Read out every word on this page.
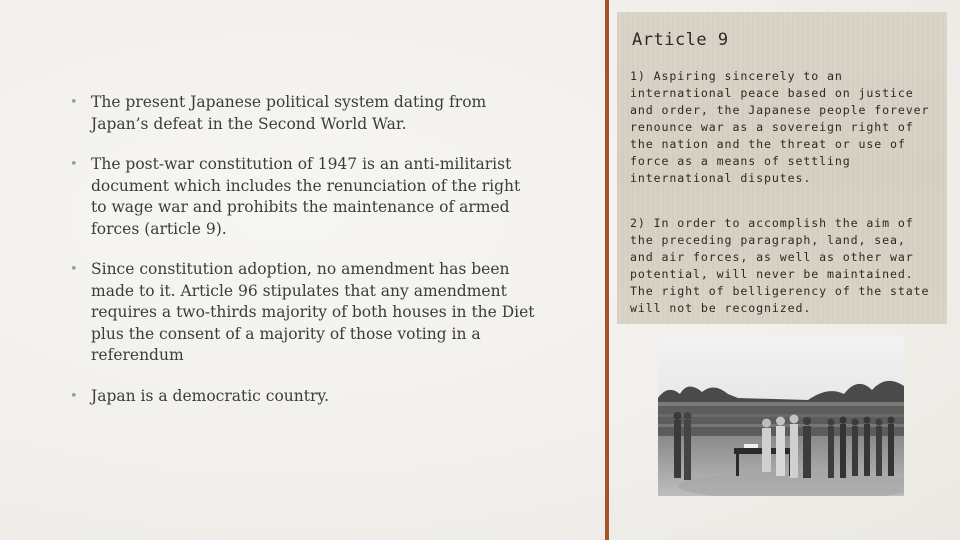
• The present Japanese political system dating from Japan’s defeat in the Second World War.
• The post-war constitution of 1947 is an anti-militarist document which includes the renunciation of the right to wage war and prohibits the maintenance of armed forces (article 9).
• Since constitution adoption, no amendment has been made to it. Article 96 stipulates that any amendment requires a two-thirds majority of both houses in the Diet plus the consent of a majority of those voting in a referendum
• Japan is a democratic country.
Article 9

1) Aspiring sincerely to an international peace based on justice and order, the Japanese people forever renounce war as a sovereign right of the nation and the threat or use of force as a means of settling international disputes.

2) In order to accomplish the aim of the preceding paragraph, land, sea, and air forces, as well as other war potential, will never be maintained. The right of belligerency of the state will not be recognized.
